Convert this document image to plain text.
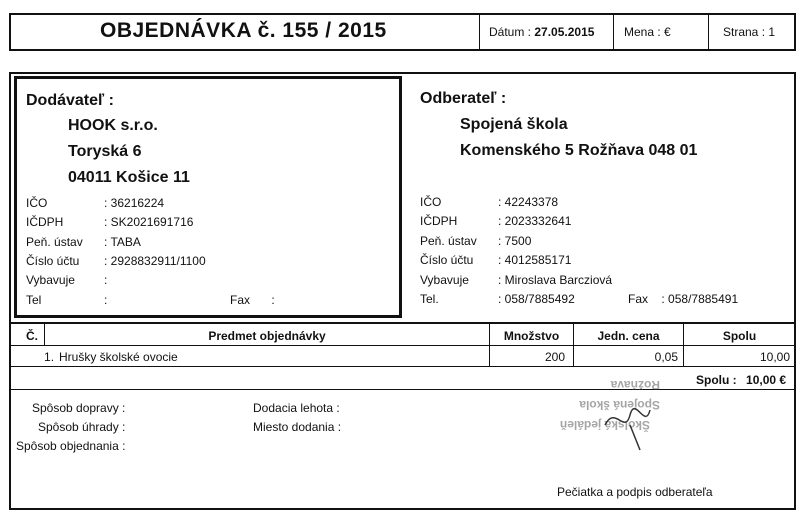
OBJEDNÁVKA č. 155 / 2015	Dátum : 27.05.2015 Mena : €	Strana : 1
Dodávateľ :
HOOK s.r.o.
Toryská 6
04011 Košice 11
IČO	: 36216224
IČDPH	: SK2021691716
Peň. ústav : TABA
Číslo účtu : 2928832911/1100
Vybavuje :
Tel	:	Fax :
Odberateľ :
Spojená škola
Komenského 5 Rožňava 048 01
IČO	: 42243378
IČDPH	: 2023332641
Peň. ústav : 7500
Číslo účtu : 4012585171
Vybavuje : Miroslava Barcziová
Tel.	: 058/7885492	Fax : 058/7885491
Č.	Predmet objednávky	Množstvo	Jedn. cena	Spolu
1. Hrušky školské ovocie	200	0,05	10,00
Spolu : 10,00 €
Rožňava
Spojená škola
Školská jedáleň
Spôsob dopravy :
Spôsob úhrady :
Spôsob objednania :
Dodacia lehota :
Miesto dodania :
Pečiatka a podpis odberateľa
